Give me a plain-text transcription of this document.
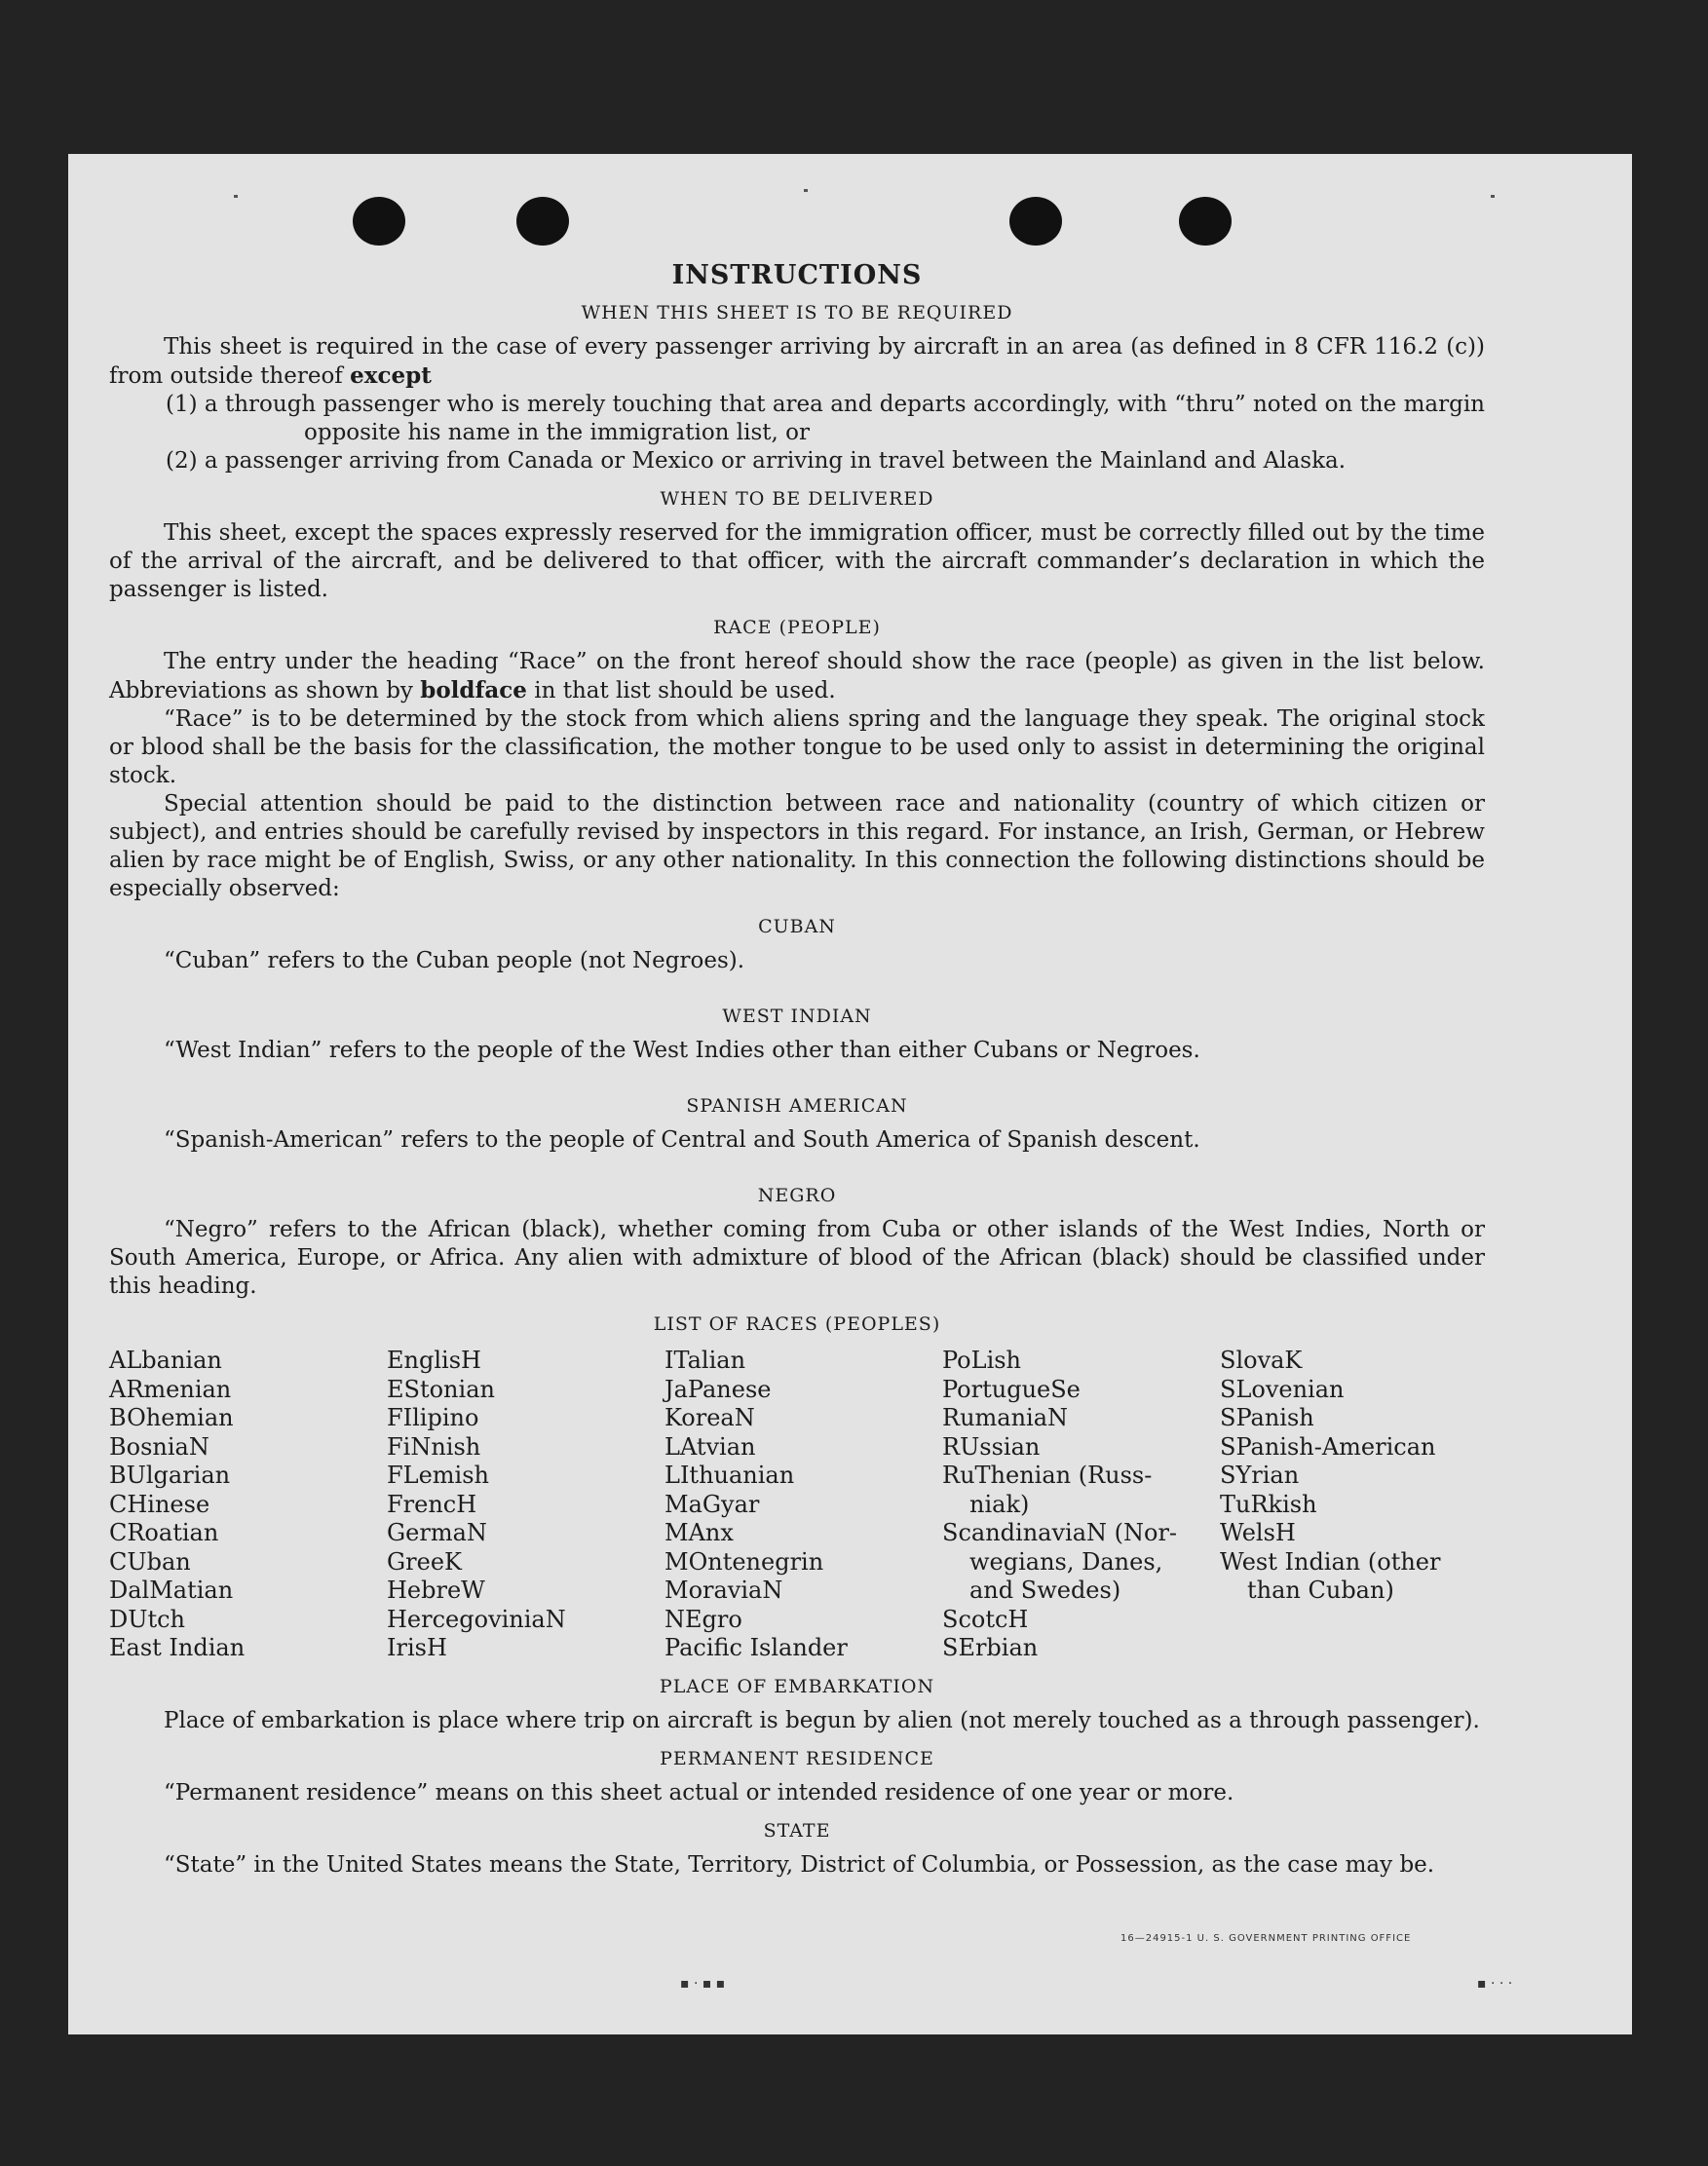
INSTRUCTIONS
WHEN THIS SHEET IS TO BE REQUIRED

This sheet is required in the case of every passenger arriving by aircraft in an area (as defined in 8 CFR 116.2 (c)) from outside thereof except

(1) a through passenger who is merely touching that area and departs accordingly, with “thru” noted on the margin opposite his name in the immigration list, or
(2) a passenger arriving from Canada or Mexico or arriving in travel between the Mainland and Alaska.
WHEN TO BE DELIVERED

This sheet, except the spaces expressly reserved for the immigration officer, must be correctly filled out by the time of the arrival of the aircraft, and be delivered to that officer, with the aircraft commander’s declaration in which the passenger is listed.

RACE (PEOPLE)

The entry under the heading “Race” on the front hereof should show the race (people) as given in the list below. Abbreviations as shown by boldface in that list should be used.

“Race” is to be determined by the stock from which aliens spring and the language they speak. The original stock or blood shall be the basis for the classification, the mother tongue to be used only to assist in determining the original stock.

Special attention should be paid to the distinction between race and nationality (country of which citizen or subject), and entries should be carefully revised by inspectors in this regard. For instance, an Irish, German, or Hebrew alien by race might be of English, Swiss, or any other nationality. In this connection the following distinctions should be especially observed:

CUBAN

“Cuban” refers to the Cuban people (not Negroes).

WEST INDIAN

“West Indian” refers to the people of the West Indies other than either Cubans or Negroes.

SPANISH AMERICAN

“Spanish-American” refers to the people of Central and South America of Spanish descent.

NEGRO

“Negro” refers to the African (black), whether coming from Cuba or other islands of the West Indies, North or South America, Europe, or Africa. Any alien with admixture of blood of the African (black) should be classified under this heading.

LIST OF RACES (PEOPLES)
ALbanian
ARmenian
BOhemian
BosniaN
BUlgarian
CHinese
CRoatian
CUban
DalMatian
DUtch
East Indian
EnglisH
EStonian
FIlipino
FiNnish
FLemish
FrencH
GermaN
GreeK
HebreW
HercegoviniaN
IrisH
ITalian
JaPanese
KoreaN
LAtvian
LIthuanian
MaGyar
MAnx
MOntenegrin
MoraviaN
NEgro
Pacific Islander
PoLish
PortugueSe
RumaniaN
RUssian
RuThenian (Russ-
niak)
ScandinaviaN (Nor-
wegians, Danes,
and Swedes)
ScotcH
SErbian
SlovaK
SLovenian
SPanish
SPanish-American
SYrian
TuRkish
WelsH
West Indian (other
than Cuban)
PLACE OF EMBARKATION

Place of embarkation is place where trip on aircraft is begun by alien (not merely touched as a through passenger).

PERMANENT RESIDENCE

“Permanent residence” means on this sheet actual or intended residence of one year or more.

STATE

“State” in the United States means the State, Territory, District of Columbia, or Possession, as the case may be.

16—24915-1 U. S. GOVERNMENT PRINTING OFFICE
▪ · ▪ ▪	▪ · · ·
